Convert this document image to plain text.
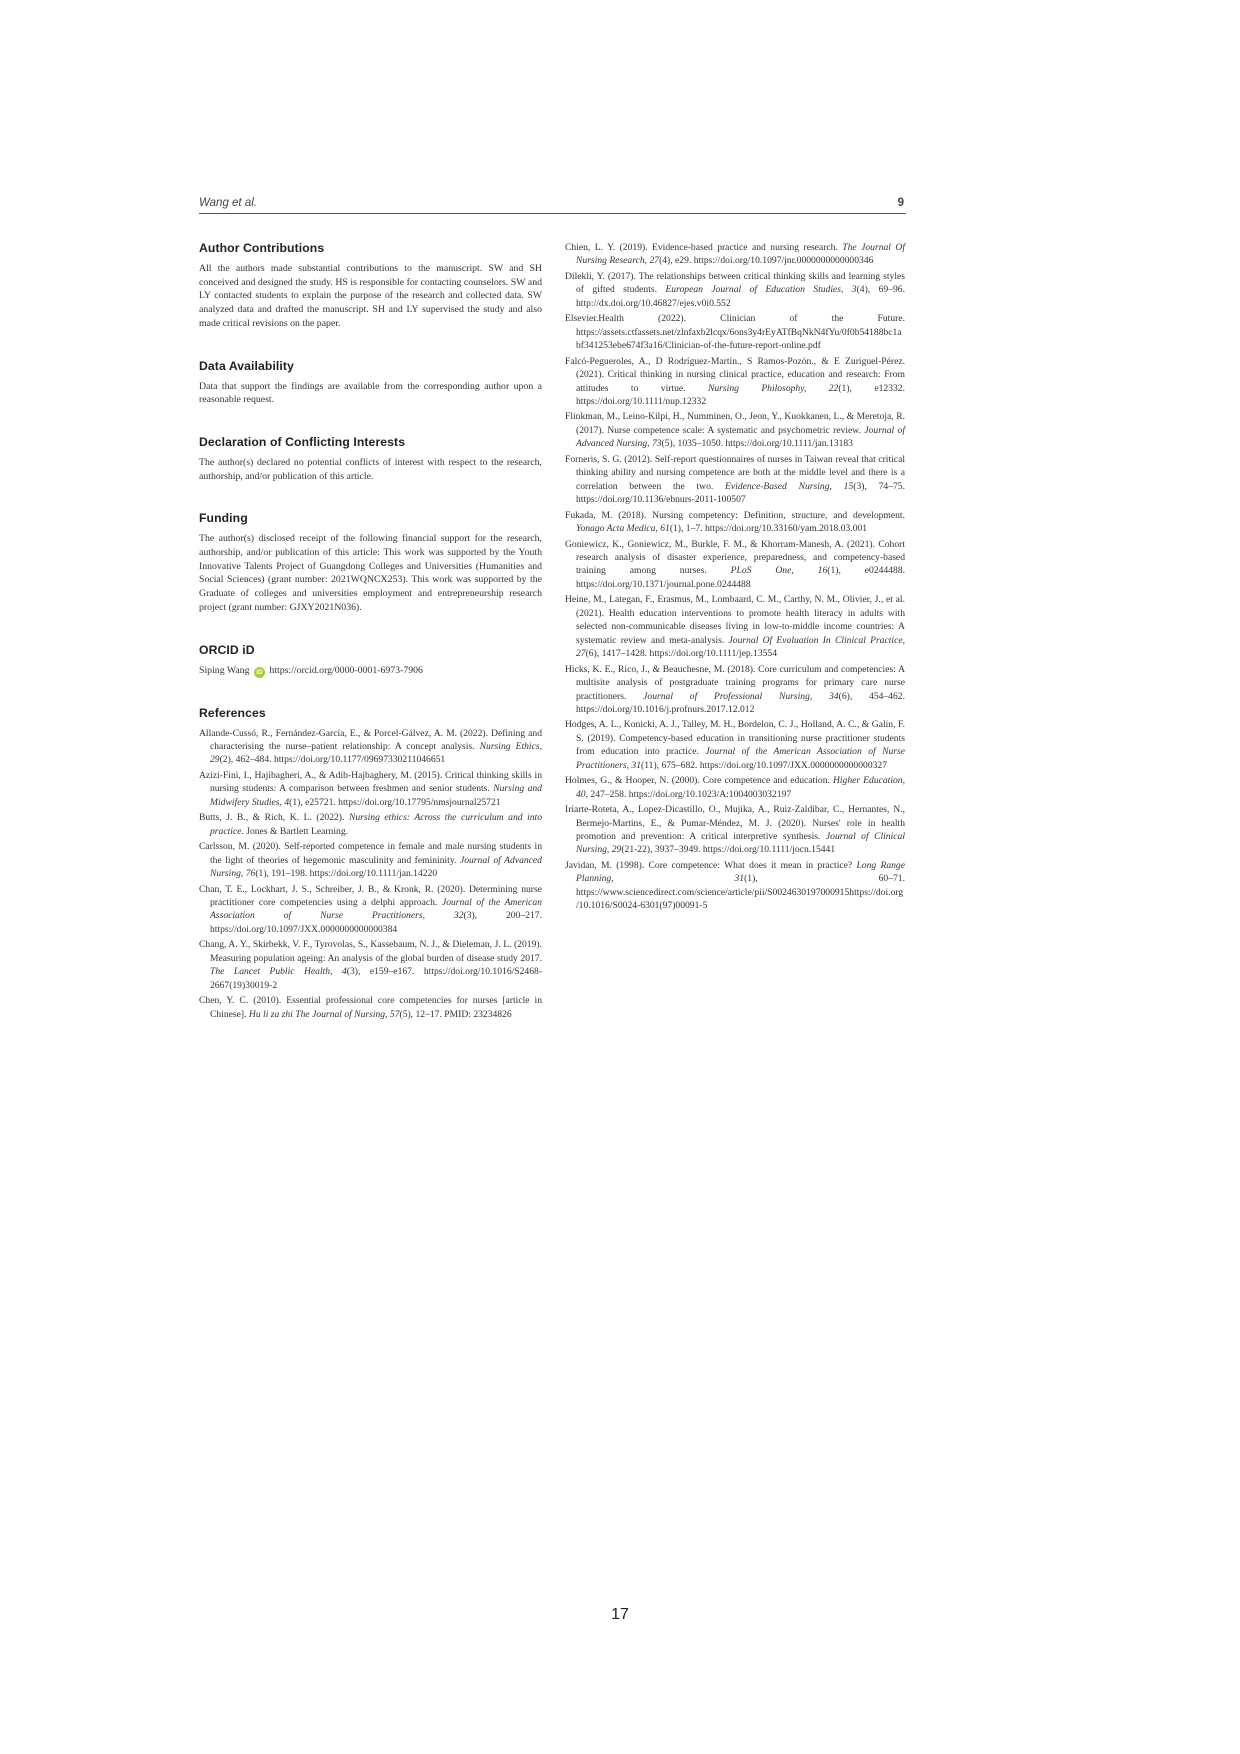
Wang et al.	9
Author Contributions

All the authors made substantial contributions to the manuscript. SW and SH conceived and designed the study. HS is responsible for contacting counselors. SW and LY contacted students to explain the purpose of the research and collected data. SW analyzed data and drafted the manuscript. SH and LY supervised the study and also made critical revisions on the paper.

Data Availability

Data that support the findings are available from the corresponding author upon a reasonable request.

Declaration of Conflicting Interests

The author(s) declared no potential conflicts of interest with respect to the research, authorship, and/or publication of this article.

Funding

The author(s) disclosed receipt of the following financial support for the research, authorship, and/or publication of this article: This work was supported by the Youth Innovative Talents Project of Guangdong Colleges and Universities (Humanities and Social Sciences) (grant number: 2021WQNCX253). This work was supported by the Graduate of colleges and universities employment and entrepreneurship research project (grant number: GJXY2021N036).

ORCID iD
Siping Wang iD https://orcid.org/0000-0001-6973-7906
References
Allande-Cussó, R., Fernández-García, E., & Porcel-Gálvez, A. M. (2022). Defining and characterising the nurse–patient relationship: A concept analysis. Nursing Ethics, 29(2), 462–484. https://doi.org/10.1177/09697330211046651
Azizi-Fini, I., Hajibagheri, A., & Adib-Hajbaghery, M. (2015). Critical thinking skills in nursing students: A comparison between freshmen and senior students. Nursing and Midwifery Studies, 4(1), e25721. https://doi.org/10.17795/nmsjournal25721
Butts, J. B., & Rich, K. L. (2022). Nursing ethics: Across the curriculum and into practice. Jones & Bartlett Learning.
Carlsson, M. (2020). Self-reported competence in female and male nursing students in the light of theories of hegemonic masculinity and femininity. Journal of Advanced Nursing, 76(1), 191–198. https://doi.org/10.1111/jan.14220
Chan, T. E., Lockhart, J. S., Schreiber, J. B., & Kronk, R. (2020). Determining nurse practitioner core competencies using a delphi approach. Journal of the American Association of Nurse Practitioners, 32(3), 200–217. https://doi.org/10.1097/JXX.0000000000000384
Chang, A. Y., Skirbekk, V. F., Tyrovolas, S., Kassebaum, N. J., & Dieleman, J. L. (2019). Measuring population ageing: An analysis of the global burden of disease study 2017. The Lancet Public Health, 4(3), e159–e167. https://doi.org/10.1016/S2468-2667(19)30019-2
Chen, Y. C. (2010). Essential professional core competencies for nurses [article in Chinese]. Hu li za zhi The Journal of Nursing, 57(5), 12–17. PMID: 23234826
Chien, L. Y. (2019). Evidence-based practice and nursing research. The Journal Of Nursing Research, 27(4), e29. https://doi.org/10.1097/jnr.0000000000000346
Dilekli, Y. (2017). The relationships between critical thinking skills and learning styles of gifted students. European Journal of Education Studies, 3(4), 69–96. http://dx.doi.org/10.46827/ejes.v0i0.552
Elsevier.Health (2022). Clinician of the Future. https://assets.ctfassets.net/zlnfaxb2lcqx/6ons3y4rEyATfBqNkN4fYu/0f0b54188bc1abf341253ebe674f3a16/Clinician-of-the-future-report-online.pdf
Falcó-Pegueroles, A., D Rodríguez-Martín., S Ramos-Pozón., & E Zuriguel-Pérez. (2021). Critical thinking in nursing clinical practice, education and research: From attitudes to virtue. Nursing Philosophy, 22(1), e12332. https://doi.org/10.1111/nup.12332
Flinkman, M., Leino-Kilpi, H., Numminen, O., Jeon, Y., Kuokkanen, L., & Meretoja, R. (2017). Nurse competence scale: A systematic and psychometric review. Journal of Advanced Nursing, 73(5), 1035–1050. https://doi.org/10.1111/jan.13183
Forneris, S. G. (2012). Self-report questionnaires of nurses in Taiwan reveal that critical thinking ability and nursing competence are both at the middle level and there is a correlation between the two. Evidence-Based Nursing, 15(3), 74–75. https://doi.org/10.1136/ebnurs-2011-100507
Fukada, M. (2018). Nursing competency: Definition, structure, and development. Yonago Acta Medica, 61(1), 1–7. https://doi.org/10.33160/yam.2018.03.001
Goniewicz, K., Goniewicz, M., Burkle, F. M., & Khorram-Manesh, A. (2021). Cohort research analysis of disaster experience, preparedness, and competency-based training among nurses. PLoS One, 16(1), e0244488. https://doi.org/10.1371/journal.pone.0244488
Heine, M., Lategan, F., Erasmus, M., Lombaard, C. M., Carthy, N. M., Olivier, J., et al. (2021). Health education interventions to promote health literacy in adults with selected non-communicable diseases living in low-to-middle income countries: A systematic review and meta-analysis. Journal Of Evaluation In Clinical Practice, 27(6), 1417–1428. https://doi.org/10.1111/jep.13554
Hicks, K. E., Rico, J., & Beauchesne, M. (2018). Core curriculum and competencies: A multisite analysis of postgraduate training programs for primary care nurse practitioners. Journal of Professional Nursing, 34(6), 454–462. https://doi.org/10.1016/j.profnurs.2017.12.012
Hodges, A. L., Konicki, A. J., Talley, M. H., Bordelon, C. J., Holland, A. C., & Galin, F. S. (2019). Competency-based education in transitioning nurse practitioner students from education into practice. Journal of the American Association of Nurse Practitioners, 31(11), 675–682. https://doi.org/10.1097/JXX.0000000000000327
Holmes, G., & Hooper, N. (2000). Core competence and education. Higher Education, 40, 247–258. https://doi.org/10.1023/A:1004003032197
Iriarte-Roteta, A., Lopez-Dicastillo, O., Mujika, A., Ruiz-Zaldibar, C., Hernantes, N., Bermejo-Martins, E., & Pumar-Méndez, M. J. (2020). Nurses' role in health promotion and prevention: A critical interpretive synthesis. Journal of Clinical Nursing, 29(21-22), 3937–3949. https://doi.org/10.1111/jocn.15441
Javidan, M. (1998). Core competence: What does it mean in practice? Long Range Planning, 31(1), 60–71. https://www.sciencedirect.com/science/article/pii/S0024630197000915https://doi.org/10.1016/S0024-6301(97)00091-5
17
